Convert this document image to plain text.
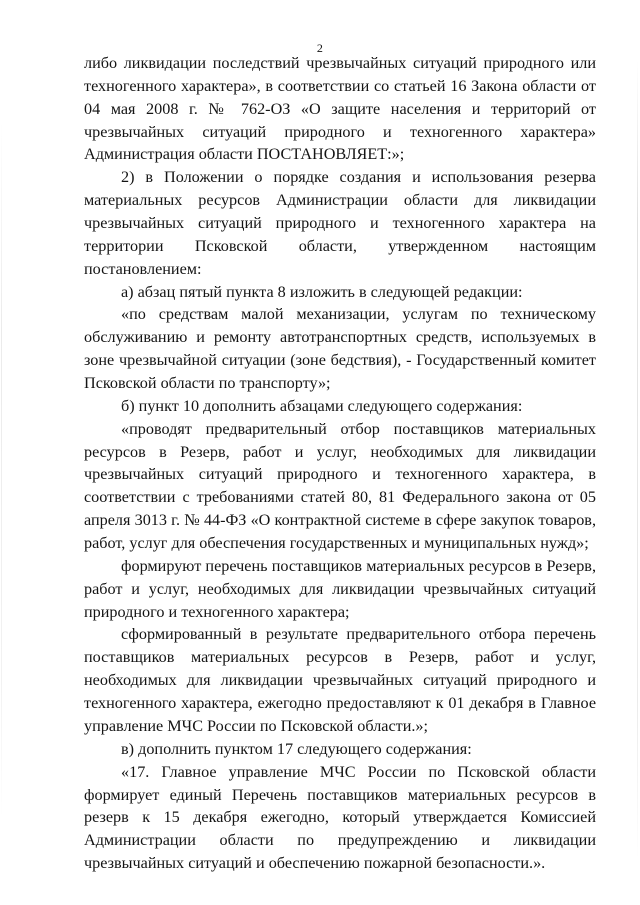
2

либо ликвидации последствий чрезвычайных ситуаций природного или техногенного характера», в соответствии со статьей 16 Закона области от 04 мая 2008 г. № 762-ОЗ «О защите населения и территорий от чрезвычайных ситуаций природного и техногенного характера» Администрация области ПОСТАНОВЛЯЕТ:»;

2) в Положении о порядке создания и использования резерва материальных ресурсов Администрации области для ликвидации чрезвычайных ситуаций природного и техногенного характера на территории Псковской области, утвержденном настоящим постановлением:

а) абзац пятый пункта 8 изложить в следующей редакции:

«по средствам малой механизации, услугам по техническому обслуживанию и ремонту автотранспортных средств, используемых в зоне чрезвычайной ситуации (зоне бедствия), - Государственный комитет Псковской области по транспорту»;

б) пункт 10 дополнить абзацами следующего содержания:

«проводят предварительный отбор поставщиков материальных ресурсов в Резерв, работ и услуг, необходимых для ликвидации чрезвычайных ситуаций природного и техногенного характера, в соответствии с требованиями статей 80, 81 Федерального закона от 05 апреля 3013 г. № 44-ФЗ «О контрактной системе в сфере закупок товаров, работ, услуг для обеспечения государственных и муниципальных нужд»;

формируют перечень поставщиков материальных ресурсов в Резерв, работ и услуг, необходимых для ликвидации чрезвычайных ситуаций природного и техногенного характера;

сформированный в результате предварительного отбора перечень поставщиков материальных ресурсов в Резерв, работ и услуг, необходимых для ликвидации чрезвычайных ситуаций природного и техногенного характера, ежегодно предоставляют к 01 декабря в Главное управление МЧС России по Псковской области.»;

в) дополнить пунктом 17 следующего содержания:

«17. Главное управление МЧС России по Псковской области формирует единый Перечень поставщиков материальных ресурсов в резерв к 15 декабря ежегодно, который утверждается Комиссией Администрации области по предупреждению и ликвидации чрезвычайных ситуаций и обеспечению пожарной безопасности.».
